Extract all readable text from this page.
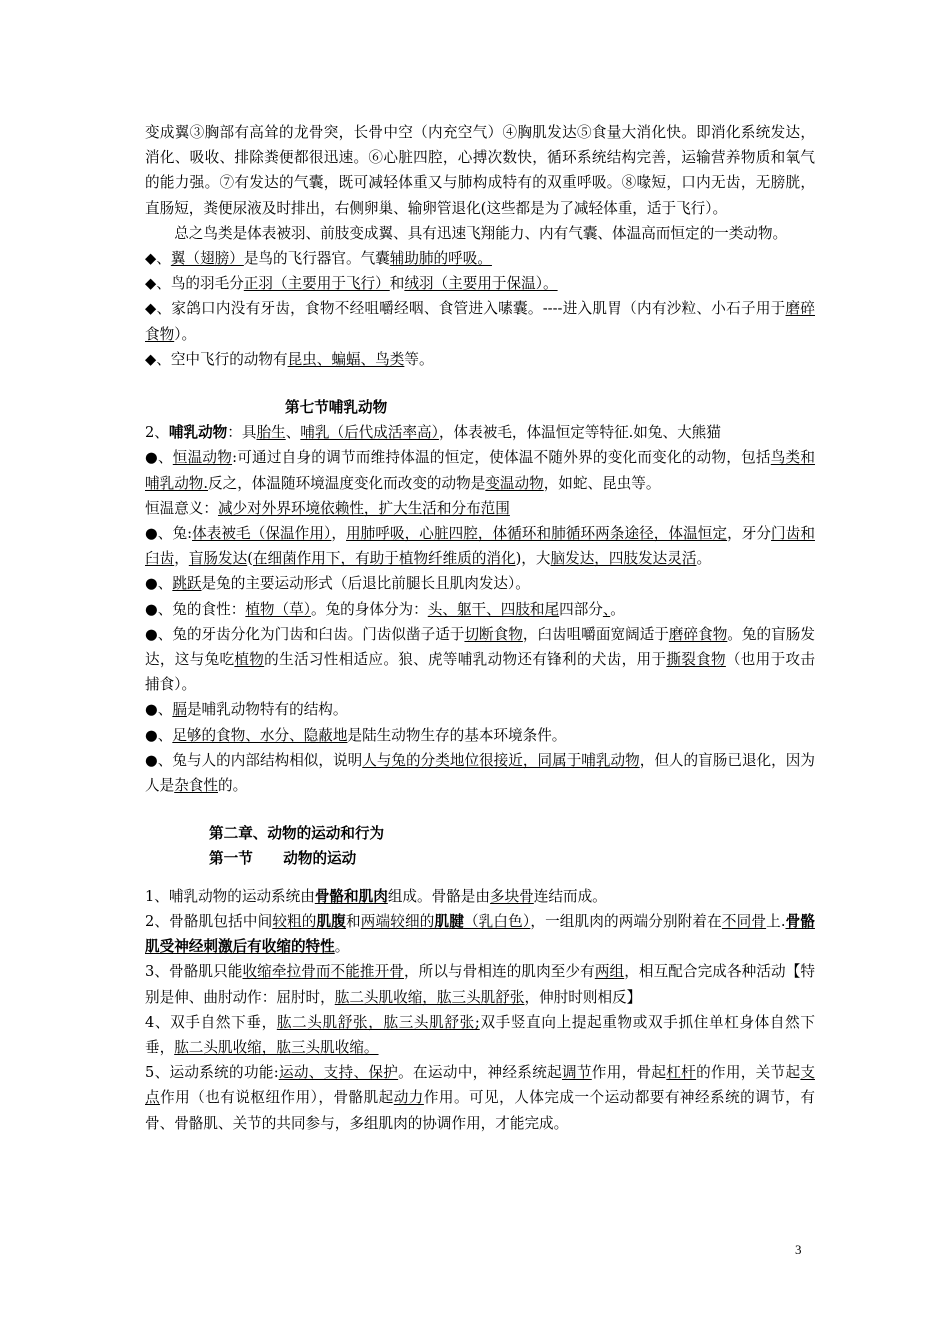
变成翼③胸部有高耸的龙骨突，长骨中空（内充空气）④胸肌发达⑤食量大消化快。即消化系统发达，消化、吸收、排除粪便都很迅速。⑥心脏四腔，心搏次数快，循环系统结构完善，运输营养物质和氧气的能力强。⑦有发达的气囊，既可减轻体重又与肺构成特有的双重呼吸。⑧喙短，口内无齿，无膀胱，直肠短，粪便尿液及时排出，右侧卵巢、输卵管退化(这些都是为了减轻体重，适于飞行）。

总之鸟类是体表被羽、前肢变成翼、具有迅速飞翔能力、内有气囊、体温高而恒定的一类动物。

◆、翼（翅膀）是鸟的飞行器官。气囊辅助肺的呼吸。

◆、鸟的羽毛分正羽（主要用于飞行）和绒羽（主要用于保温）。

◆、家鸽口内没有牙齿，食物不经咀嚼经咽、食管进入嗉囊。----进入肌胃（内有沙粒、小石子用于磨碎食物）。

◆、空中飞行的动物有昆虫、蝙蝠、鸟类等。

第七节哺乳动物

2、哺乳动物：具胎生、哺乳（后代成活率高），体表被毛，体温恒定等特征.如兔、大熊猫

●、恒温动物:可通过自身的调节而维持体温的恒定，使体温不随外界的变化而变化的动物，包括鸟类和哺乳动物.反之，体温随环境温度变化而改变的动物是变温动物，如蛇、昆虫等。

恒温意义：减少对外界环境依赖性，扩大生活和分布范围

●、兔:体表被毛（保温作用），用肺呼吸，心脏四腔，体循环和肺循环两条途径，体温恒定，牙分门齿和臼齿，盲肠发达(在细菌作用下，有助于植物纤维质的消化)，大脑发达，四肢发达灵活。

●、跳跃是兔的主要运动形式（后退比前腿长且肌肉发达）。

●、兔的食性：植物（草）。兔的身体分为：头、躯干、四肢和尾四部分、。

●、兔的牙齿分化为门齿和臼齿。门齿似凿子适于切断食物，臼齿咀嚼面宽阔适于磨碎食物。兔的盲肠发达，这与兔吃植物的生活习性相适应。狼、虎等哺乳动物还有锋利的犬齿，用于撕裂食物（也用于攻击捕食）。

●、膈是哺乳动物特有的结构。

●、足够的食物、水分、隐蔽地是陆生动物生存的基本环境条件。

●、兔与人的内部结构相似，说明人与兔的分类地位很接近，同属于哺乳动物，但人的盲肠已退化，因为人是杂食性的。

第二章、动物的运动和行为

第一节      动物的运动

1、哺乳动物的运动系统由骨骼和肌肉组成。骨骼是由多块骨连结而成。

2、骨骼肌包括中间较粗的肌腹和两端较细的肌腱（乳白色），一组肌肉的两端分别附着在不同骨上.骨骼肌受神经刺激后有收缩的特性。

3、骨骼肌只能收缩牵拉骨而不能推开骨，所以与骨相连的肌肉至少有两组，相互配合完成各种活动【特别是伸、曲肘动作：屈肘时，肱二头肌收缩，肱三头肌舒张，伸肘时则相反】

4、双手自然下垂，肱二头肌舒张，肱三头肌舒张;双手竖直向上提起重物或双手抓住单杠身体自然下垂，肱二头肌收缩，肱三头肌收缩。

5、运动系统的功能:运动、支持、保护。在运动中，神经系统起调节作用，骨起杠杆的作用，关节起支点作用（也有说枢纽作用），骨骼肌起动力作用。可见，人体完成一个运动都要有神经系统的调节，有骨、骨骼肌、关节的共同参与，多组肌肉的协调作用，才能完成。

3
